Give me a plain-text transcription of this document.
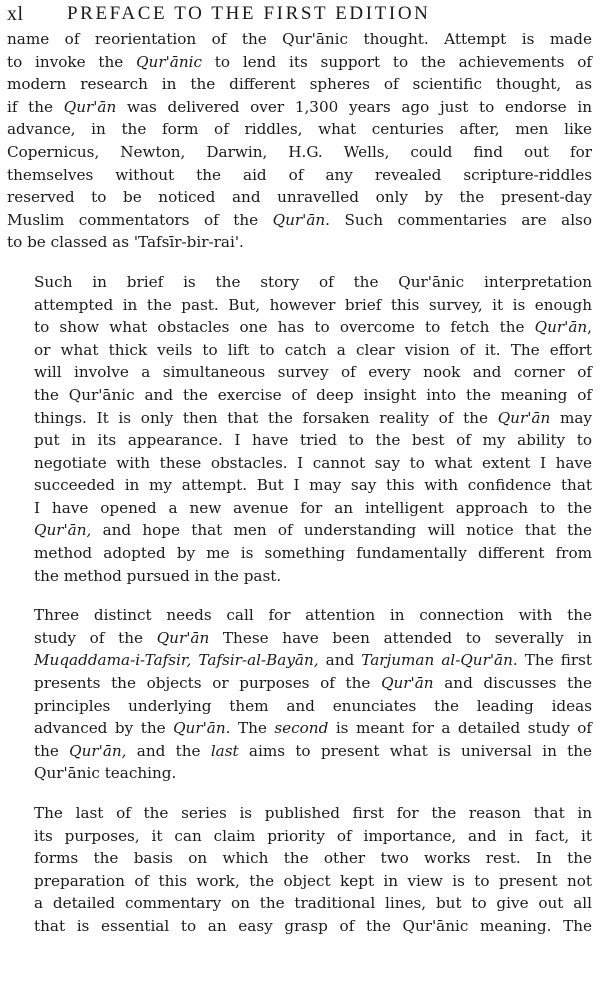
xl PREFACE TO THE FIRST EDITION

name of reorientation of the Qur'ānic thought. Attempt is made
to invoke the Qur'ānic to lend its support to the achievements of
modern research in the different spheres of scientific thought, as
if the Qur'ān was delivered over 1,300 years ago just to endorse in
advance, in the form of riddles, what centuries after, men like
Copernicus, Newton, Darwin, H.G. Wells, could find out for
themselves without the aid of any revealed scripture-riddles
reserved to be noticed and unravelled only by the present-day
Muslim commentators of the Qur'ān. Such commentaries are also
to be classed as 'Tafsīr-bir-rai'.

Such in brief is the story of the Qur'ānic interpretation
attempted in the past. But, however brief this survey, it is enough
to show what obstacles one has to overcome to fetch the Qur'ān,
or what thick veils to lift to catch a clear vision of it. The effort
will involve a simultaneous survey of every nook and corner of
the Qur'ānic and the exercise of deep insight into the meaning of
things. It is only then that the forsaken reality of the Qur'ān may
put in its appearance. I have tried to the best of my ability to
negotiate with these obstacles. I cannot say to what extent I have
succeeded in my attempt. But I may say this with confidence that
I have opened a new avenue for an intelligent approach to the
Qur'ān, and hope that men of understanding will notice that the
method adopted by me is something fundamentally different from
the method pursued in the past.

Three distinct needs call for attention in connection with the
study of the Qur'ān These have been attended to severally in
Muqaddama-i-Tafsir, Tafsir-al-Bayān, and Tarjuman al-Qur'ān. The first
presents the objects or purposes of the Qur'ān and discusses the
principles underlying them and enunciates the leading ideas
advanced by the Qur'ān. The second is meant for a detailed study of
the Qur'ān, and the last aims to present what is universal in the
Qur'ānic teaching.

The last of the series is published first for the reason that in
its purposes, it can claim priority of importance, and in fact, it
forms the basis on which the other two works rest. In the
preparation of this work, the object kept in view is to present not
a detailed commentary on the traditional lines, but to give out all
that is essential to an easy grasp of the Qur'ānic meaning. The
